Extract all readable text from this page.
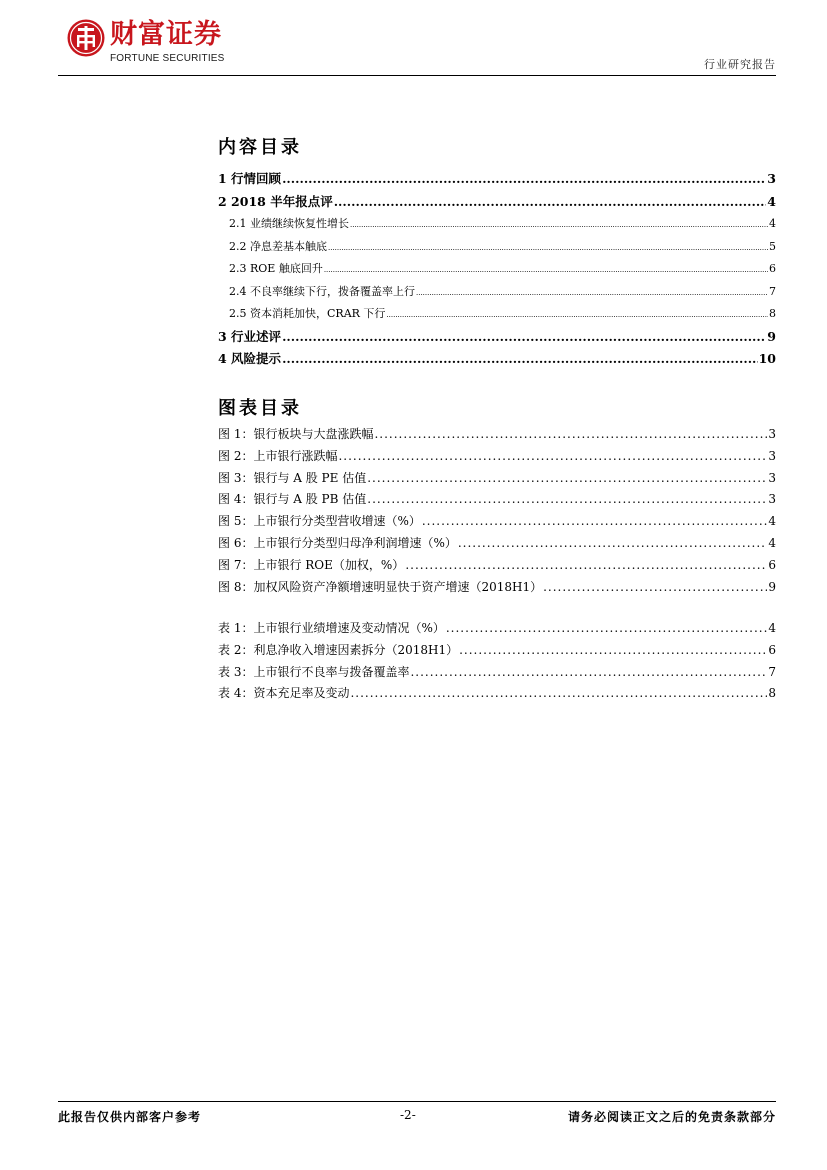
财富证券
FORTUNE SECURITIES	行业研究报告
内容目录
1 行情回顾 .....	3
2 2018 半年报点评 .....	4
2.1 业绩继续恢复性增长 .....	4
2.2 净息差基本触底 .....	5
2.3 ROE 触底回升 .....	6
2.4 不良率继续下行，拨备覆盖率上行 .....	7
2.5 资本消耗加快，CRAR 下行 .....	8
3 行业述评 .....	9
4 风险提示 .....	10
图表目录
图 1：银行板块与大盘涨跌幅 .....	3
图 2：上市银行涨跌幅 .....	3
图 3：银行与 A 股 PE 估值 .....	3
图 4：银行与 A 股 PB 估值 .....	3
图 5：上市银行分类型营收增速（%） .....	4
图 6：上市银行分类型归母净利润增速（%） .....	4
图 7：上市银行 ROE（加权，%） .....	6
图 8：加权风险资产净额增速明显快于资产增速（2018H1） .....	9
表 1：上市银行业绩增速及变动情况（%） .....	4
表 2：利息净收入增速因素拆分（2018H1） .....	6
表 3：上市银行不良率与拨备覆盖率 .....	7
表 4：资本充足率及变动 .....	8
此报告仅供内部客户参考	-2-	请务必阅读正文之后的免责条款部分
